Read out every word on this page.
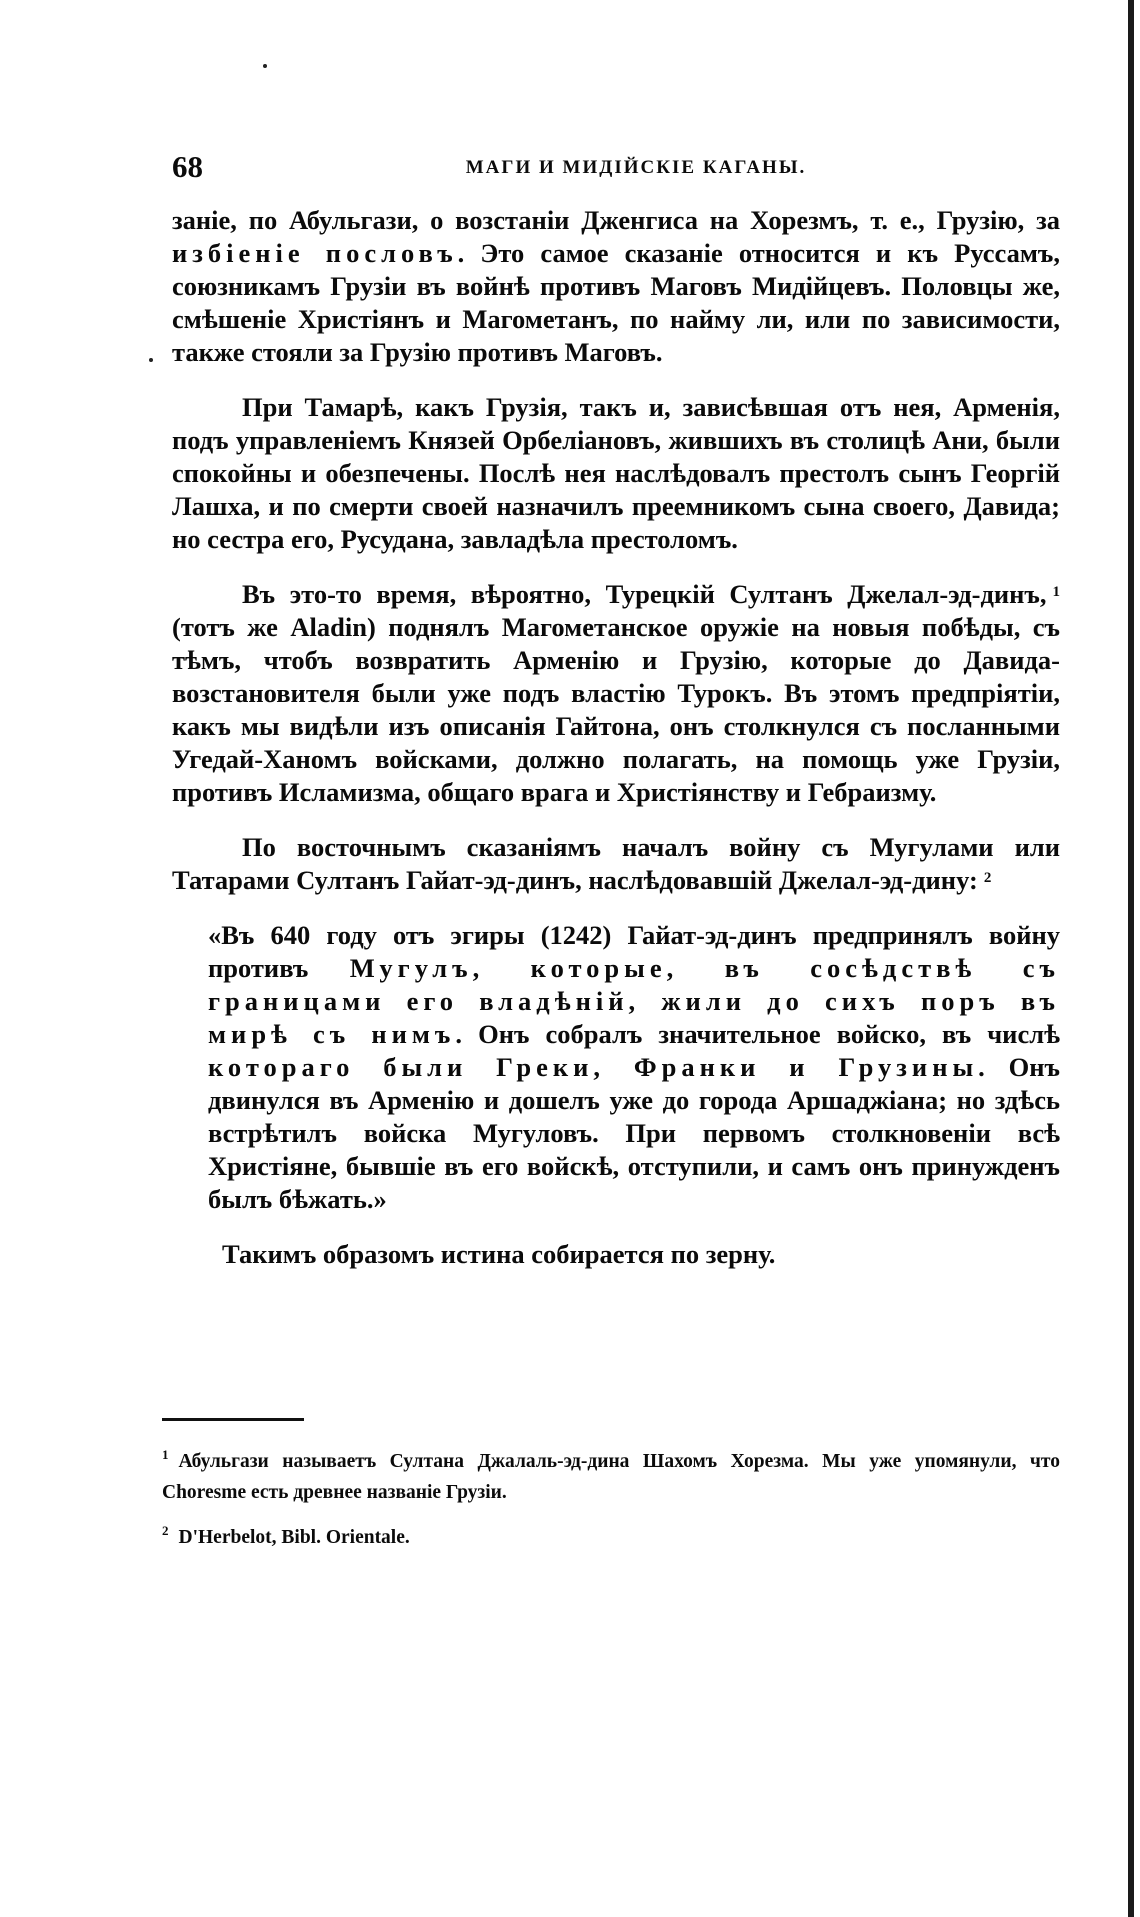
68	МАГИ И МИДІЙСКІЕ КАГАНЫ.

заніе, по Абульгази, о возстаніи Дженгиса на Хорезмъ, т. е., Грузію, за избіеніе пословъ. Это самое сказаніе относится и къ Руссамъ, союзникамъ Грузіи въ войнѣ противъ Маговъ Мидійцевъ. Половцы же, смѣшеніе Христіянъ и Магометанъ, по найму ли, или по зависимости, также стояли за Грузію противъ Маговъ.

При Тамарѣ, какъ Грузія, такъ и, зависѣвшая отъ нея, Арменія, подъ управленіемъ Князей Орбеліановъ, жившихъ въ столицѣ Ани, были спокойны и обезпечены. Послѣ нея наслѣдовалъ престолъ сынъ Георгій Лашха, и по смерти своей назначилъ преемникомъ сына своего, Давида; но сестра его, Русудана, завладѣла престоломъ.

Въ это-то время, вѣроятно, Турецкій Султанъ Джелал-эд-динъ, $^1$ (тотъ же Aladin) поднялъ Магометанское оружіе на новыя побѣды, съ тѣмъ, чтобъ возвратить Арменію и Грузію, которые до Давида-возстановителя были уже подъ властію Турокъ. Въ этомъ предпріятіи, какъ мы видѣли изъ описанія Гайтона, онъ столкнулся съ посланными Угедай-Ханомъ войсками, должно полагать, на помощь уже Грузіи, противъ Исламизма, общаго врага и Христіянству и Гебраизму.

По восточнымъ сказаніямъ началъ войну съ Мугулами или Татарами Султанъ Гайат-эд-динъ, наслѣдовавшій Джелал-эд-дину: $^2$

«Въ 640 году отъ эгиры (1242) Гайат-эд-динъ предпринялъ войну противъ Мугулъ, которые, въ сосѣдствѣ съ границами его владѣній, жили до сихъ поръ въ мирѣ съ нимъ. Онъ собралъ значительное войско, въ числѣ котораго были Греки, Франки и Грузины. Онъ двинулся въ Арменію и дошелъ уже до города Аршаджіана; но здѣсь встрѣтилъ войска Мугуловъ. При первомъ столкновеніи всѣ Христіяне, бывшіе въ его войскѣ, отступили, и самъ онъ принужденъ былъ бѣжать.»

Такимъ образомъ истина собирается по зерну.

1 Абульгази называетъ Султана Джалаль-эд-дина Шахомъ Хорезма. Мы уже упомянули, что Choresme есть древнее названіе Грузіи.

2 D'Herbelot, Bibl. Orientale.
